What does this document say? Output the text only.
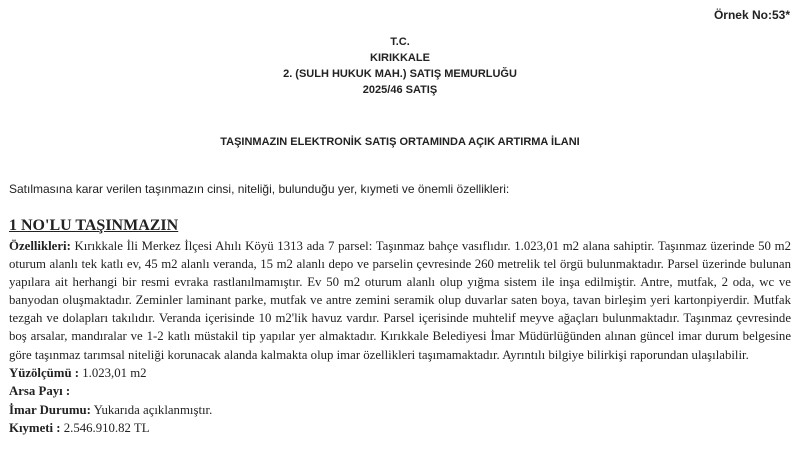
Örnek No:53*
T.C.
KIRIKKALE
2. (SULH HUKUK MAH.) SATIŞ MEMURLUĞU
2025/46 SATIŞ
TAŞINMAZIN ELEKTRONİK SATIŞ ORTAMINDA AÇIK ARTIRMA İLANI
Satılmasına karar verilen taşınmazın cinsi, niteliği, bulunduğu yer, kıymeti ve önemli özellikleri:
1 NO'LU TAŞINMAZIN
Özellikleri: Kırıkkale İli Merkez İlçesi Ahılı Köyü 1313 ada 7 parsel: Taşınmaz bahçe vasıflıdır. 1.023,01 m2 alana sahiptir. Taşınmaz üzerinde 50 m2 oturum alanlı tek katlı ev, 45 m2 alanlı veranda, 15 m2 alanlı depo ve parselin çevresinde 260 metrelik tel örgü bulunmaktadır. Parsel üzerinde bulunan yapılara ait herhangi bir resmi evraka rastlanılmamıştır. Ev 50 m2 oturum alanlı olup yığma sistem ile inşa edilmiştir. Antre, mutfak, 2 oda, wc ve banyodan oluşmaktadır. Zeminler laminant parke, mutfak ve antre zemini seramik olup duvarlar saten boya, tavan birleşim yeri kartonpiyerdir. Mutfak tezgah ve dolapları takılıdır. Veranda içerisinde 10 m2'lik havuz vardır. Parsel içerisinde muhtelif meyve ağaçları bulunmaktadır. Taşınmaz çevresinde boş arsalar, mandıralar ve 1-2 katlı müstakil tip yapılar yer almaktadır. Kırıkkale Belediyesi İmar Müdürlüğünden alınan güncel imar durum belgesine göre taşınmaz tarımsal niteliği korunacak alanda kalmakta olup imar özellikleri taşımamaktadır. Ayrıntılı bilgiye bilirkişi raporundan ulaşılabilir.
Yüzölçümü : 1.023,01 m2
Arsa Payı :
İmar Durumu: Yukarıda açıklanmıştır.
Kıymeti : 2.546.910.82 TL
